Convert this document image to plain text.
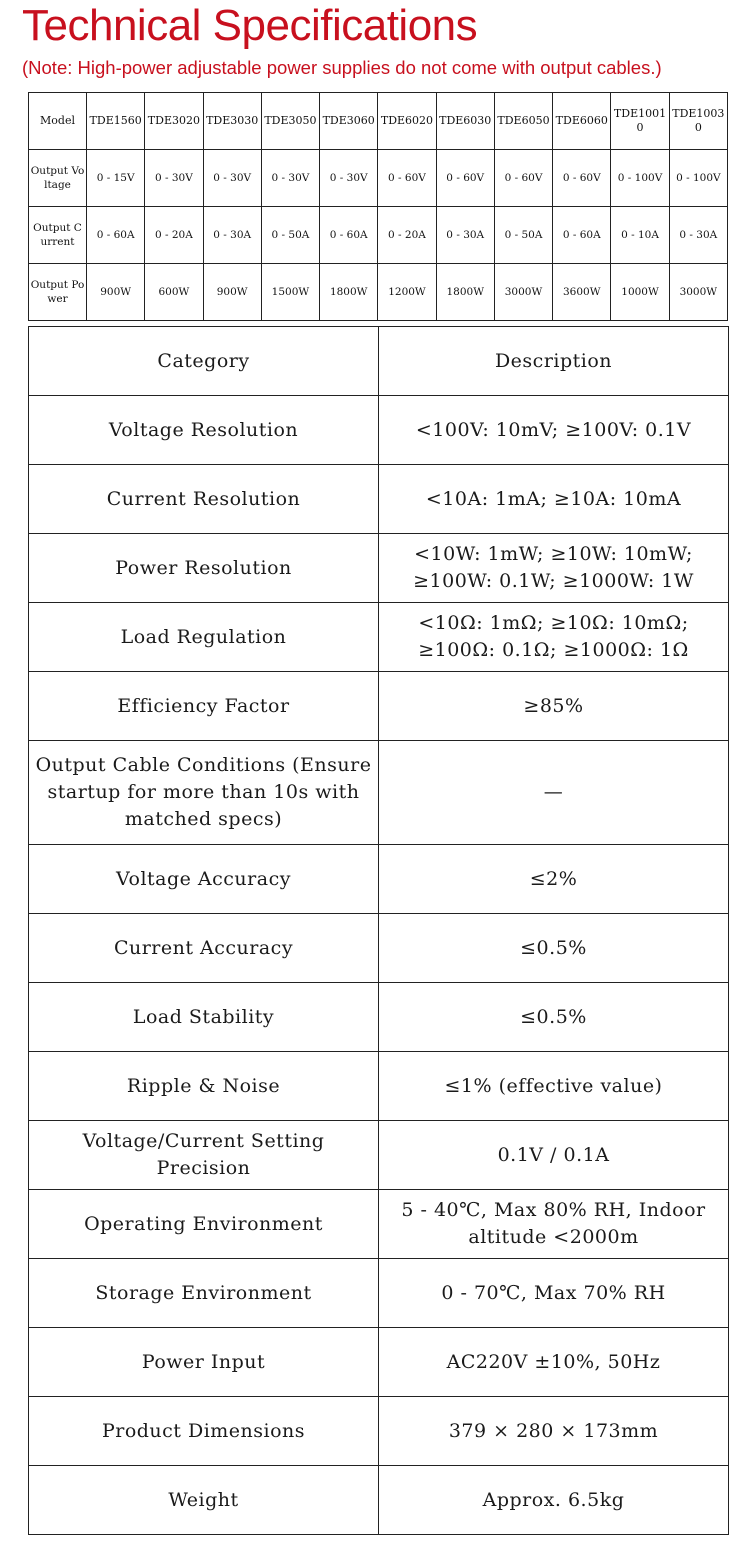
Technical Specifications
(Note: High-power adjustable power supplies do not come with output cables.)
Model	TDE1560	TDE3020	TDE3030	TDE3050	TDE3060	TDE6020	TDE6030	TDE6050	TDE6060	TDE10010	TDE10030
Output Voltage	0 - 15V	0 - 30V	0 - 30V	0 - 30V	0 - 30V	0 - 60V	0 - 60V	0 - 60V	0 - 60V	0 - 100V	0 - 100V
Output Current	0 - 60A	0 - 20A	0 - 30A	0 - 50A	0 - 60A	0 - 20A	0 - 30A	0 - 50A	0 - 60A	0 - 10A	0 - 30A
Output Power	900W	600W	900W	1500W	1800W	1200W	1800W	3000W	3600W	1000W	3000W
Category	Description
Voltage Resolution	<100V: 10mV; ≥100V: 0.1V
Current Resolution	<10A: 1mA; ≥10A: 10mA
Power Resolution	<10W: 1mW; ≥10W: 10mW; ≥100W: 0.1W; ≥1000W: 1W
Load Regulation	<10Ω: 1mΩ; ≥10Ω: 10mΩ; ≥100Ω: 0.1Ω; ≥1000Ω: 1Ω
Efficiency Factor	≥85%
Output Cable Conditions (Ensure startup for more than 10s with matched specs)	—
Voltage Accuracy	≤2%
Current Accuracy	≤0.5%
Load Stability	≤0.5%
Ripple & Noise	≤1% (effective value)
Voltage/Current Setting Precision	0.1V / 0.1A
Operating Environment	5 - 40℃, Max 80% RH, Indoor altitude <2000m
Storage Environment	0 - 70℃, Max 70% RH
Power Input	AC220V ±10%, 50Hz
Product Dimensions	379 × 280 × 173mm
Weight	Approx. 6.5kg
